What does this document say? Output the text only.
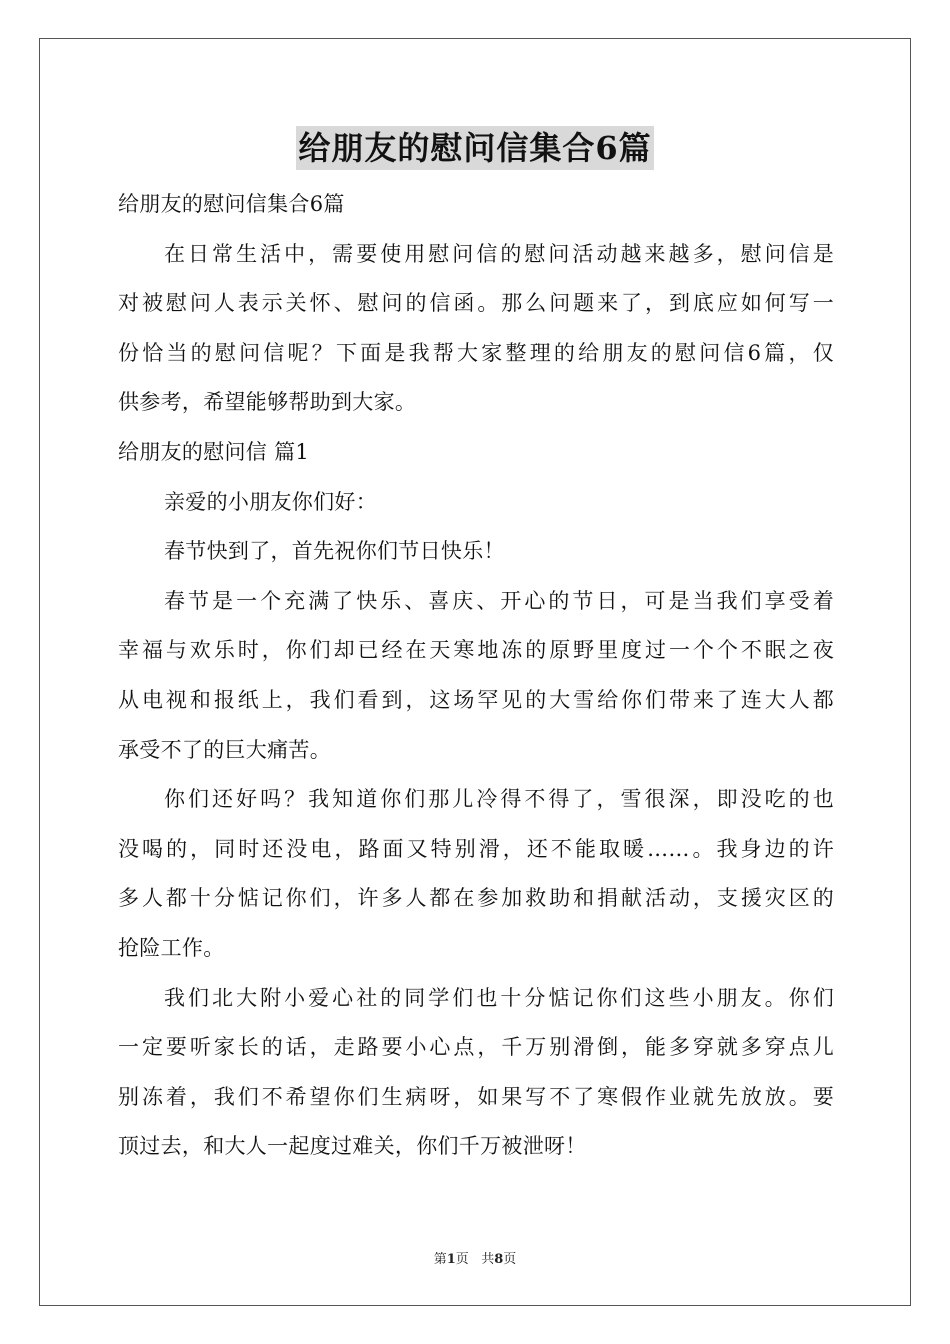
给朋友的慰问信集合6篇
给朋友的慰问信集合6篇
在日常生活中，需要使用慰问信的慰问活动越来越多，慰问信是
对被慰问人表示关怀、慰问的信函。那么问题来了，到底应如何写一
份恰当的慰问信呢？下面是我帮大家整理的给朋友的慰问信6篇，仅
供参考，希望能够帮助到大家。
给朋友的慰问信 篇1
亲爱的小朋友你们好：
春节快到了，首先祝你们节日快乐！
春节是一个充满了快乐、喜庆、开心的节日，可是当我们享受着
幸福与欢乐时，你们却已经在天寒地冻的原野里度过一个个不眠之夜
从电视和报纸上，我们看到，这场罕见的大雪给你们带来了连大人都
承受不了的巨大痛苦。
你们还好吗？我知道你们那儿冷得不得了，雪很深，即没吃的也
没喝的，同时还没电，路面又特别滑，还不能取暖……。我身边的许
多人都十分惦记你们，许多人都在参加救助和捐献活动，支援灾区的
抢险工作。
我们北大附小爱心社的同学们也十分惦记你们这些小朋友。你们
一定要听家长的话，走路要小心点，千万别滑倒，能多穿就多穿点儿
别冻着，我们不希望你们生病呀，如果写不了寒假作业就先放放。要
顶过去，和大人一起度过难关，你们千万被泄呀！
第1页 共8页
